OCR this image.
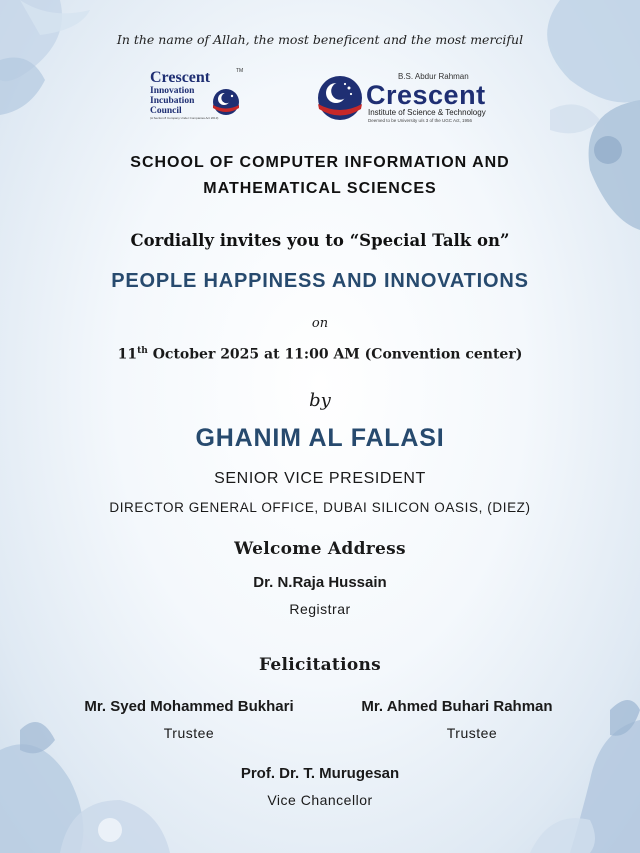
In the name of Allah, the most beneficent and the most merciful

Crescent	TM
Innovation
Incubation
Council
(A Section 8 Company Under Companies Act 2013)
B.S. Abdur Rahman
Crescent
Institute of Science & Technology
Deemed to be University u/s 3 of the UGC Act, 1956
SCHOOL OF COMPUTER INFORMATION AND
MATHEMATICAL SCIENCES

Cordially invites you to “Special Talk on”

PEOPLE HAPPINESS AND INNOVATIONS

on

11th October 2025 at 11:00 AM (Convention center)

by

GHANIM AL FALASI

SENIOR VICE PRESIDENT

DIRECTOR GENERAL OFFICE, DUBAI SILICON OASIS, (DIEZ)

Welcome Address

Dr. N.Raja Hussain

Registrar

Felicitations

Mr. Syed Mohammed Bukhari
Trustee
Mr. Ahmed Buhari Rahman
Trustee

Prof. Dr. T. Murugesan

Vice Chancellor
